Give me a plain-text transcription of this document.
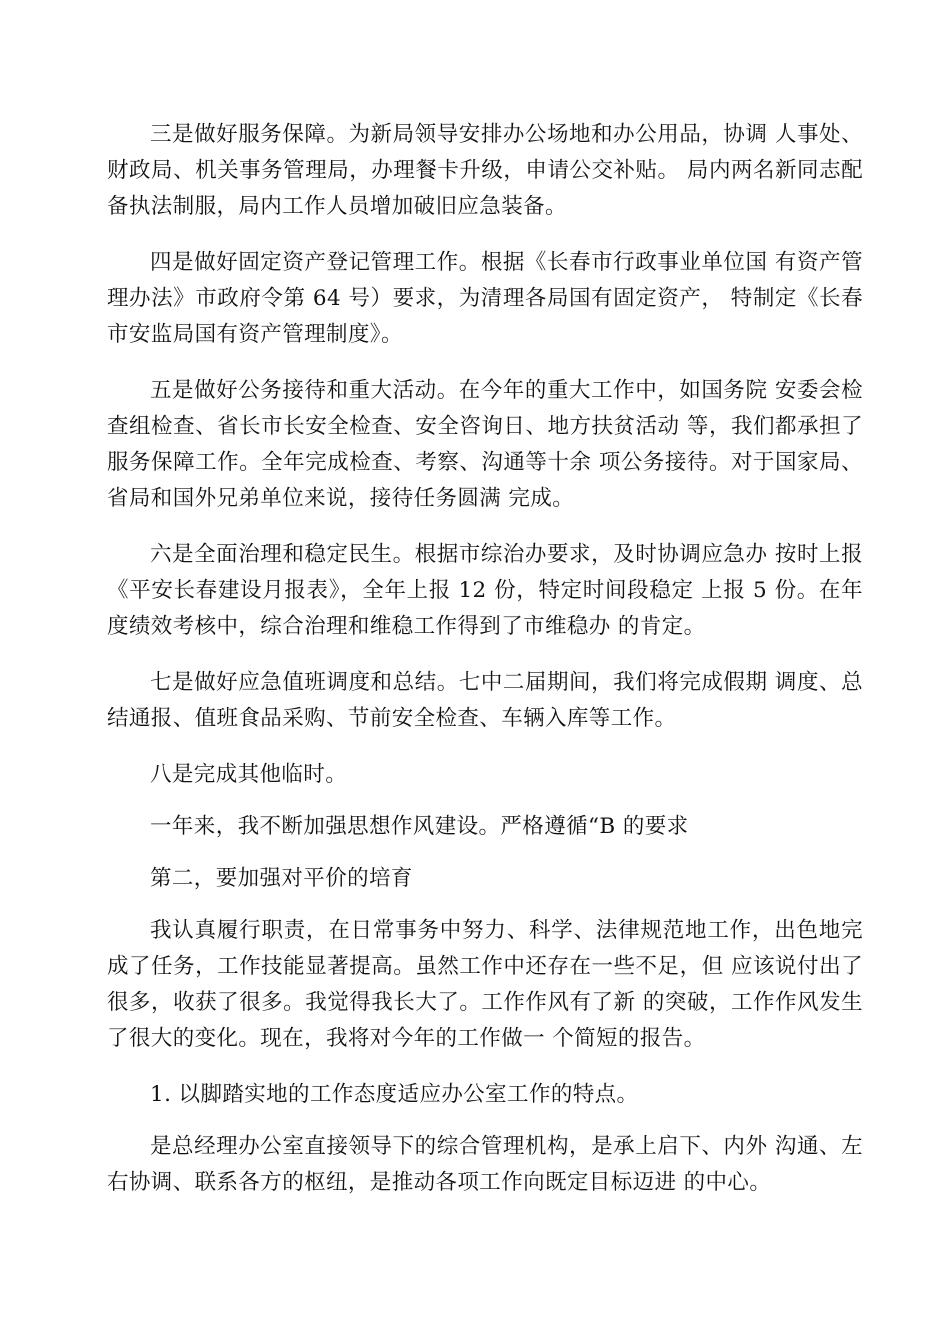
三是做好服务保障。为新局领导安排办公场地和办公用品，协调 人事处、财政局、机关事务管理局，办理餐卡升级，申请公交补贴。 局内两名新同志配备执法制服，局内工作人员增加破旧应急装备。

四是做好固定资产登记管理工作。根据《长春市行政事业单位国 有资产管理办法》市政府令第 64 号）要求，为清理各局国有固定资产， 特制定《长春市安监局国有资产管理制度》。

五是做好公务接待和重大活动。在今年的重大工作中，如国务院 安委会检查组检查、省长市长安全检查、安全咨询日、地方扶贫活动 等，我们都承担了服务保障工作。全年完成检查、考察、沟通等十余 项公务接待。对于国家局、省局和国外兄弟单位来说，接待任务圆满 完成。

六是全面治理和稳定民生。根据市综治办要求，及时协调应急办 按时上报《平安长春建设月报表》，全年上报 12 份，特定时间段稳定 上报 5 份。在年度绩效考核中，综合治理和维稳工作得到了市维稳办 的肯定。

七是做好应急值班调度和总结。七中二届期间，我们将完成假期 调度、总结通报、值班食品采购、节前安全检查、车辆入库等工作。

八是完成其他临时。

一年来，我不断加强思想作风建设。严格遵循“B 的要求

第二，要加强对平价的培育

我认真履行职责，在日常事务中努力、科学、法律规范地工作，出色地完成了任务，工作技能显著提高。虽然工作中还存在一些不足，但 应该说付出了很多，收获了很多。我觉得我长大了。工作作风有了新 的突破，工作作风发生了很大的变化。现在，我将对今年的工作做一 个简短的报告。

1. 以脚踏实地的工作态度适应办公室工作的特点。

是总经理办公室直接领导下的综合管理机构，是承上启下、内外 沟通、左右协调、联系各方的枢纽，是推动各项工作向既定目标迈进 的中心。
